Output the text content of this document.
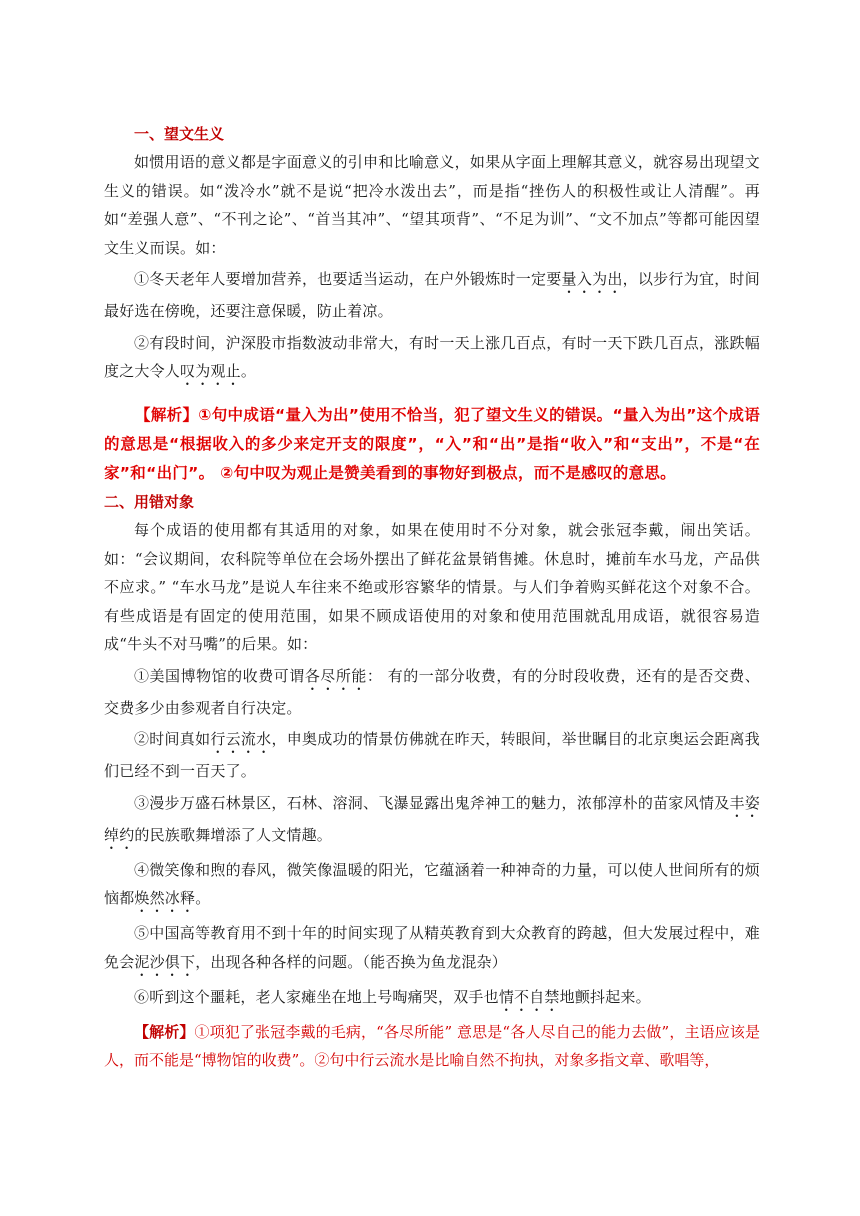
一、望文生义

如惯用语的意义都是字面意义的引申和比喻意义，如果从字面上理解其意义，就容易出现望文生义的错误。如“泼冷水”就不是说“把冷水泼出去”，而是指“挫伤人的积极性或让人清醒”。再如“差强人意”、“不刊之论”、“首当其冲”、“望其项背”、“不足为训”、“文不加点”等都可能因望文生义而误。如：

①冬天老年人要增加营养，也要适当运动，在户外锻炼时一定要量入为出，以步行为宜，时间最好选在傍晚，还要注意保暖，防止着凉。

②有段时间，沪深股市指数波动非常大，有时一天上涨几百点，有时一天下跌几百点，涨跌幅度之大令人叹为观止。

【解析】①句中成语“量入为出”使用不恰当，犯了望文生义的错误。“量入为出”这个成语的意思是“根据收入的多少来定开支的限度”，“入”和“出”是指“收入”和“支出”，不是“在家”和“出门”。 ②句中叹为观止是赞美看到的事物好到极点，而不是感叹的意思。

二、用错对象

每个成语的使用都有其适用的对象，如果在使用时不分对象，就会张冠李戴，闹出笑话。如：“会议期间，农科院等单位在会场外摆出了鲜花盆景销售摊。休息时，摊前车水马龙，产品供不应求。” “车水马龙”是说人车往来不绝或形容繁华的情景。与人们争着购买鲜花这个对象不合。有些成语是有固定的使用范围，如果不顾成语使用的对象和使用范围就乱用成语，就很容易造成“牛头不对马嘴”的后果。如：

①美国博物馆的收费可谓各尽所能： 有的一部分收费，有的分时段收费，还有的是否交费、交费多少由参观者自行决定。

②时间真如行云流水，申奥成功的情景仿佛就在昨天，转眼间，举世瞩目的北京奥运会距离我们已经不到一百天了。

③漫步万盛石林景区，石林、溶洞、飞瀑显露出鬼斧神工的魅力，浓郁淳朴的苗家风情及丰姿绰约的民族歌舞增添了人文情趣。

④微笑像和煦的春风，微笑像温暖的阳光，它蕴涵着一种神奇的力量，可以使人世间所有的烦恼都焕然冰释。

⑤中国高等教育用不到十年的时间实现了从精英教育到大众教育的跨越，但大发展过程中，难免会泥沙俱下，出现各种各样的问题。（能否换为鱼龙混杂）

⑥听到这个噩耗，老人家瘫坐在地上号啕痛哭，双手也情不自禁地颤抖起来。

【解析】①项犯了张冠李戴的毛病，“各尽所能” 意思是“各人尽自己的能力去做”，主语应该是人，而不能是“博物馆的收费”。②句中行云流水是比喻自然不拘执，对象多指文章、歌唱等，
